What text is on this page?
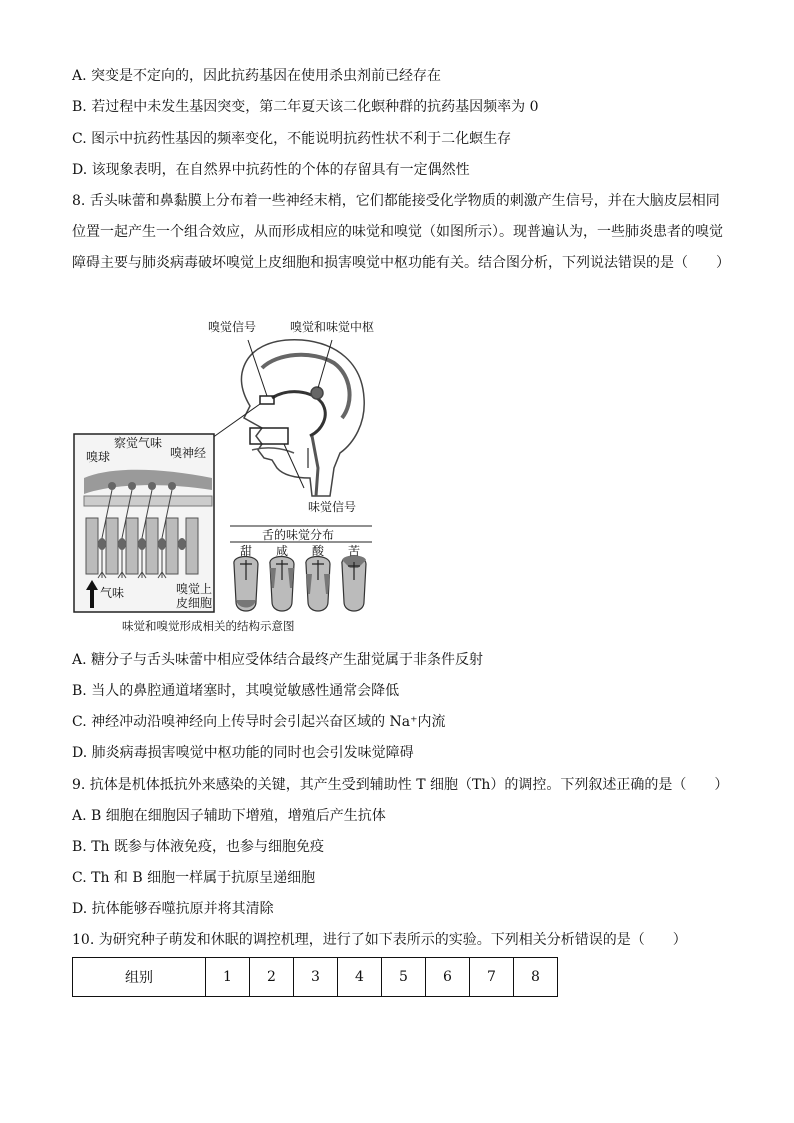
A. 突变是不定向的，因此抗药基因在使用杀虫剂前已经存在
B. 若过程中未发生基因突变，第二年夏天该二化螟种群的抗药基因频率为 0
C. 图示中抗药性基因的频率变化，不能说明抗药性状不利于二化螟生存
D. 该现象表明，在自然界中抗药性的个体的存留具有一定偶然性
8. 舌头味蕾和鼻黏膜上分布着一些神经末梢，它们都能接受化学物质的刺激产生信号，并在大脑皮层相同位置一起产生一个组合效应，从而形成相应的味觉和嗅觉（如图所示）。现普遍认为，一些肺炎患者的嗅觉障碍主要与肺炎病毒破坏嗅觉上皮细胞和损害嗅觉中枢功能有关。结合图分析，下列说法错误的是（　　）
嗅觉信号	嗅觉和味觉中枢
察觉气味
嗅球	嗅神经
味觉信号
舌的味觉分布
甜 咸 酸 苦
嗅觉上
皮细胞
气味
味觉和嗅觉形成相关的结构示意图
A. 糖分子与舌头味蕾中相应受体结合最终产生甜觉属于非条件反射
B. 当人的鼻腔通道堵塞时，其嗅觉敏感性通常会降低
C. 神经冲动沿嗅神经向上传导时会引起兴奋区域的 Na⁺内流
D. 肺炎病毒损害嗅觉中枢功能的同时也会引发味觉障碍
9. 抗体是机体抵抗外来感染的关键，其产生受到辅助性 T 细胞（Th）的调控。下列叙述正确的是（　　）
A. B 细胞在细胞因子辅助下增殖，增殖后产生抗体
B. Th 既参与体液免疫，也参与细胞免疫
C. Th 和 B 细胞一样属于抗原呈递细胞
D. 抗体能够吞噬抗原并将其清除
10. 为研究种子萌发和休眠的调控机理，进行了如下表所示的实验。下列相关分析错误的是（　　）
组别	1	2	3	4	5	6	7	8
